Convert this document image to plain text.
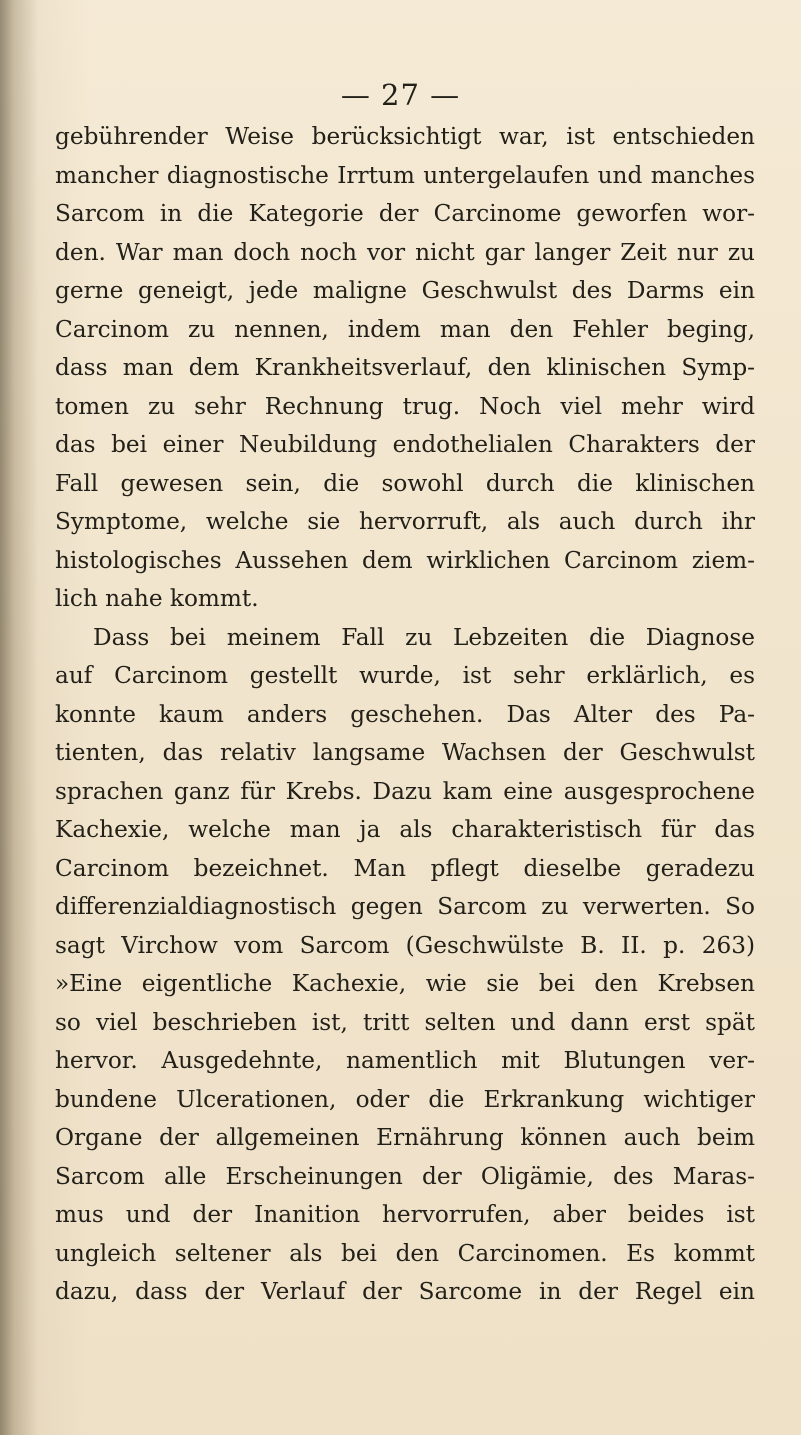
— 27 —
gebührender Weise berücksichtigt war, ist entschieden
mancher diagnostische Irrtum untergelaufen und manches
Sarcom in die Kategorie der Carcinome geworfen wor-
den. War man doch noch vor nicht gar langer Zeit nur zu
gerne geneigt, jede maligne Geschwulst des Darms ein
Carcinom zu nennen, indem man den Fehler beging,
dass man dem Krankheitsverlauf, den klinischen Symp-
tomen zu sehr Rechnung trug. Noch viel mehr wird
das bei einer Neubildung endothelialen Charakters der
Fall gewesen sein, die sowohl durch die klinischen
Symptome, welche sie hervorruft, als auch durch ihr
histologisches Aussehen dem wirklichen Carcinom ziem-
lich nahe kommt.
Dass bei meinem Fall zu Lebzeiten die Diagnose
auf Carcinom gestellt wurde, ist sehr erklärlich, es
konnte kaum anders geschehen. Das Alter des Pa-
tienten, das relativ langsame Wachsen der Geschwulst
sprachen ganz für Krebs. Dazu kam eine ausgesprochene
Kachexie, welche man ja als charakteristisch für das
Carcinom bezeichnet. Man pflegt dieselbe geradezu
differenzialdiagnostisch gegen Sarcom zu verwerten. So
sagt Virchow vom Sarcom (Geschwülste B. II. p. 263)
»Eine eigentliche Kachexie, wie sie bei den Krebsen
so viel beschrieben ist, tritt selten und dann erst spät
hervor. Ausgedehnte, namentlich mit Blutungen ver-
bundene Ulcerationen, oder die Erkrankung wichtiger
Organe der allgemeinen Ernährung können auch beim
Sarcom alle Erscheinungen der Oligämie, des Maras-
mus und der Inanition hervorrufen, aber beides ist
ungleich seltener als bei den Carcinomen. Es kommt
dazu, dass der Verlauf der Sarcome in der Regel ein
